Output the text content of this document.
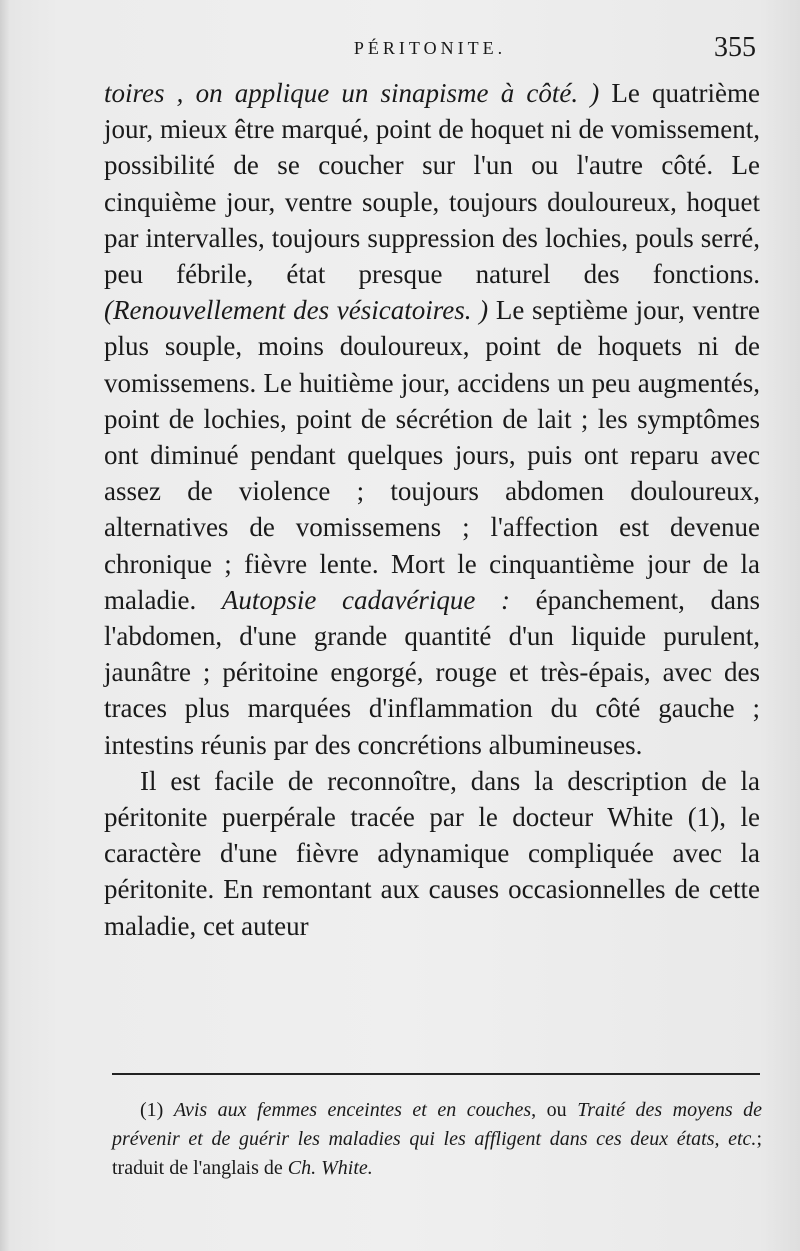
PÉRITONITE.	355

toires , on applique un sinapisme à côté. ) Le quatrième jour, mieux être marqué, point de hoquet ni de vomissement, possibilité de se coucher sur l'un ou l'autre côté. Le cinquième jour, ventre souple, toujours douloureux, hoquet par intervalles, toujours suppression des lochies, pouls serré, peu fébrile, état presque naturel des fonctions. (Renouvellement des vésicatoires. ) Le septième jour, ventre plus souple, moins douloureux, point de hoquets ni de vomissemens. Le huitième jour, accidens un peu augmentés, point de lochies, point de sécrétion de lait ; les symptômes ont diminué pendant quelques jours, puis ont reparu avec assez de violence ; toujours abdomen douloureux, alternatives de vomissemens ; l'affection est devenue chronique ; fièvre lente. Mort le cinquantième jour de la maladie. Autopsie cadavérique : épanchement, dans l'abdomen, d'une grande quantité d'un liquide purulent, jaunâtre ; péritoine engorgé, rouge et très-épais, avec des traces plus marquées d'inflammation du côté gauche ; intestins réunis par des concrétions albumineuses.

Il est facile de reconnoître, dans la description de la péritonite puerpérale tracée par le docteur White (1), le caractère d'une fièvre adynamique compliquée avec la péritonite. En remontant aux causes occasionnelles de cette maladie, cet auteur

(1) Avis aux femmes enceintes et en couches, ou Traité des moyens de prévenir et de guérir les maladies qui les affligent dans ces deux états, etc.; traduit de l'anglais de Ch. White.
